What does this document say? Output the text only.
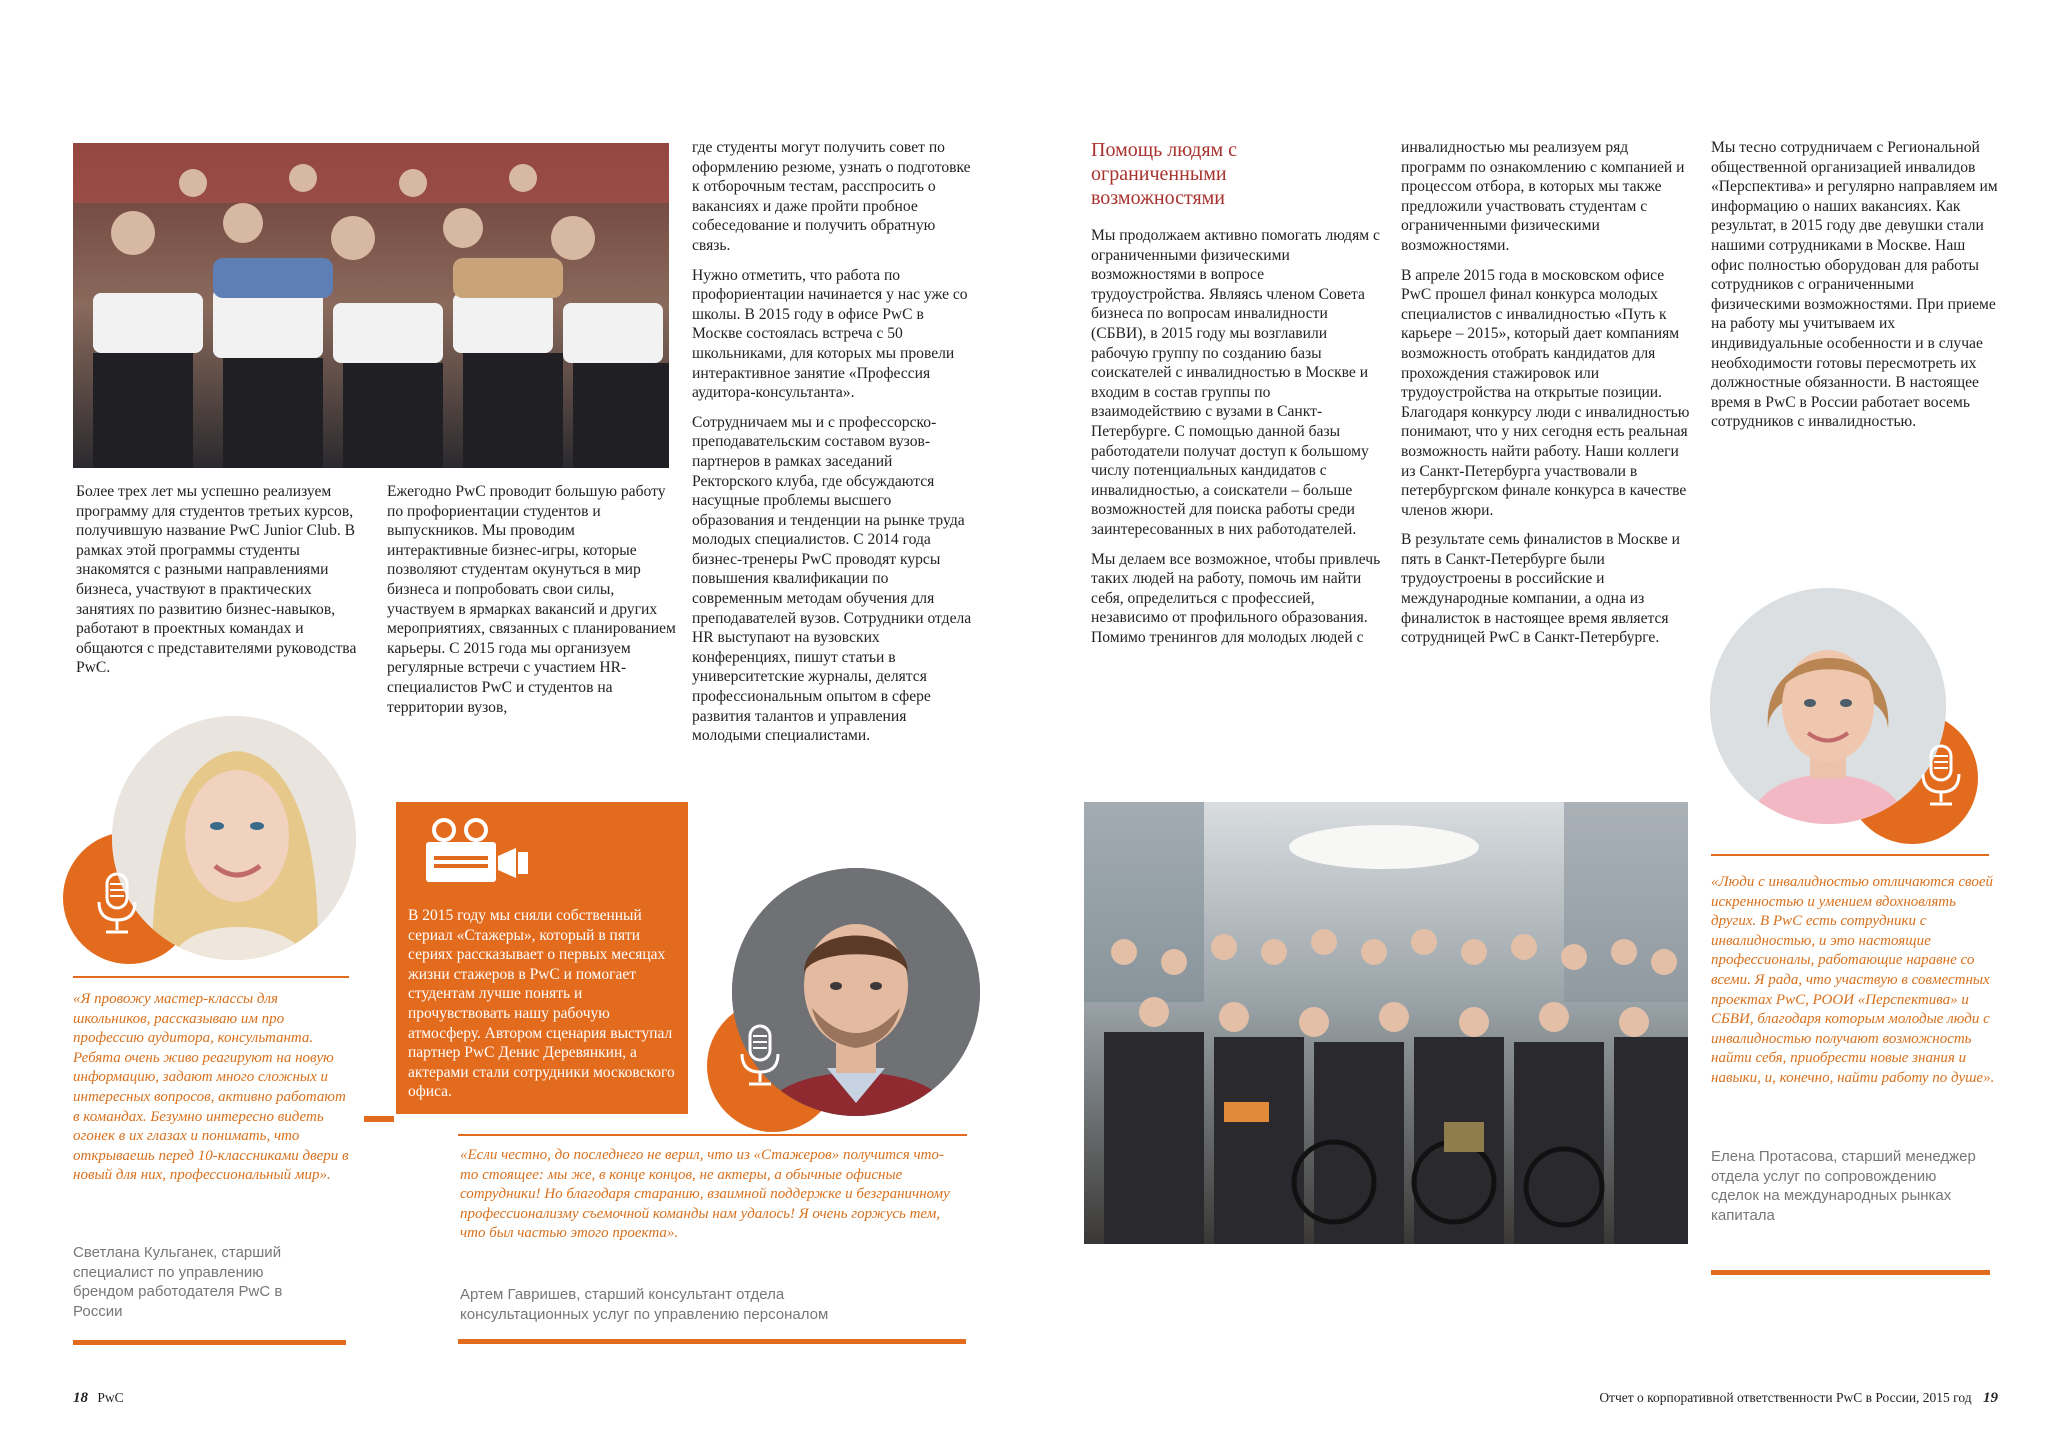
Более трех лет мы успешно реализуем программу для студентов третьих курсов, получившую название PwC Junior Club. В рамках этой программы студенты знакомятся с разными направлениями бизнеса, участвуют в практических занятиях по развитию бизнес-навыков, работают в проектных командах и общаются с представителями руководства PwC.

Ежегодно PwC проводит большую работу по профориентации студентов и выпускников. Мы проводим интерактивные бизнес-игры, которые позволяют студентам окунуться в мир бизнеса и попробовать свои силы, участвуем в ярмарках вакансий и других мероприятиях, связанных с планированием карьеры. С 2015 года мы организуем регулярные встречи с участием HR-специалистов PwC и студентов на территории вузов,

где студенты могут получить совет по оформлению резюме, узнать о подготовке к отборочным тестам, расспросить о вакансиях и даже пройти пробное собеседование и получить обратную связь.

Нужно отметить, что работа по профориентации начинается у нас уже со школы. В 2015 году в офисе PwC в Москве состоялась встреча с 50 школьниками, для которых мы провели интерактивное занятие «Профессия аудитора-консультанта».

Сотрудничаем мы и с профессорско-преподавательским составом вузов-партнеров в рамках заседаний Ректорского клуба, где обсуждаются насущные проблемы высшего образования и тенденции на рынке труда молодых специалистов. С 2014 года бизнес-тренеры PwC проводят курсы повышения квалификации по современным методам обучения для преподавателей вузов. Сотрудники отдела HR выступают на вузовских конференциях, пишут статьи в университетские журналы, делятся профессиональным опытом в сфере развития талантов и управления молодыми специалистами.

«Я провожу мастер-классы для школьников, рассказываю им про профессию аудитора, консультанта. Ребята очень живо реагируют на новую информацию, задают много сложных и интересных вопросов, активно работают в командах. Безумно интересно видеть огонек в их глазах и понимать, что открываешь перед 10-классниками двери в новый для них, профессиональный мир».

Светлана Кульганек, старший специалист по управлению брендом работодателя PwC в России
В 2015 году мы сняли собственный сериал «Стажеры», который в пяти сериях рассказывает о первых месяцах жизни стажеров в PwC и помогает студентам лучше понять и прочувствовать нашу рабочую атмосферу. Автором сценария выступал партнер PwC Денис Деревянкин, а актерами стали сотрудники московского офиса.

«Если честно, до последнего не верил, что из «Стажеров» получится что-то стоящее: мы же, в конце концов, не актеры, а обычные офисные сотрудники! Но благодаря старанию, взаимной поддержке и безграничному профессионализму съемочной команды нам удалось! Я очень горжусь тем, что был частью этого проекта».

Артем Гавришев, старший консультант отдела консультационных услуг по управлению персоналом
18 PwC
Помощь людям с ограниченными возможностями

Мы продолжаем активно помогать людям с ограниченными физическими возможностями в вопросе трудоустройства. Являясь членом Совета бизнеса по вопросам инвалидности (СБВИ), в 2015 году мы возглавили рабочую группу по созданию базы соискателей с инвалидностью в Москве и входим в состав группы по взаимодействию с вузами в Санкт-Петербурге. С помощью данной базы работодатели получат доступ к большому числу потенциальных кандидатов с инвалидностью, а соискатели – больше возможностей для поиска работы среди заинтересованных в них работодателей.

Мы делаем все возможное, чтобы привлечь таких людей на работу, помочь им найти себя, определиться с профессией, независимо от профильного образования. Помимо тренингов для молодых людей с

инвалидностью мы реализуем ряд программ по ознакомлению с компанией и процессом отбора, в которых мы также предложили участвовать студентам с ограниченными физическими возможностями.

В апреле 2015 года в московском офисе PwC прошел финал конкурса молодых специалистов с инвалидностью «Путь к карьере – 2015», который дает компаниям возможность отобрать кандидатов для прохождения стажировок или трудоустройства на открытые позиции. Благодаря конкурсу люди с инвалидностью понимают, что у них сегодня есть реальная возможность найти работу. Наши коллеги из Санкт-Петербурга участвовали в петербургском финале конкурса в качестве членов жюри.

В результате семь финалистов в Москве и пять в Санкт-Петербурге были трудоустроены в российские и международные компании, а одна из финалисток в настоящее время является сотрудницей PwC в Санкт-Петербурге.

Мы тесно сотрудничаем с Региональной общественной организацией инвалидов «Перспектива» и регулярно направляем им информацию о наших вакансиях. Как результат, в 2015 году две девушки стали нашими сотрудниками в Москве. Наш офис полностью оборудован для работы сотрудников с ограниченными физическими возможностями. При приеме на работу мы учитываем их индивидуальные особенности и в случае необходимости готовы пересмотреть их должностные обязанности. В настоящее время в PwC в России работает восемь сотрудников с инвалидностью.

«Люди с инвалидностью отличаются своей искренностью и умением вдохновлять других. В PwC есть сотрудники с инвалидностью, и это настоящие профессионалы, работающие наравне со всеми. Я рада, что участвую в совместных проектах PwC, РООИ «Перспектива» и СБВИ, благодаря которым молодые люди с инвалидностью получают возможность найти себя, приобрести новые знания и навыки, и, конечно, найти работу по душе».

Елена Протасова, старший менеджер отдела услуг по сопровождению сделок на международных рынках капитала
Отчет о корпоративной ответственности PwC в России, 2015 год 19
